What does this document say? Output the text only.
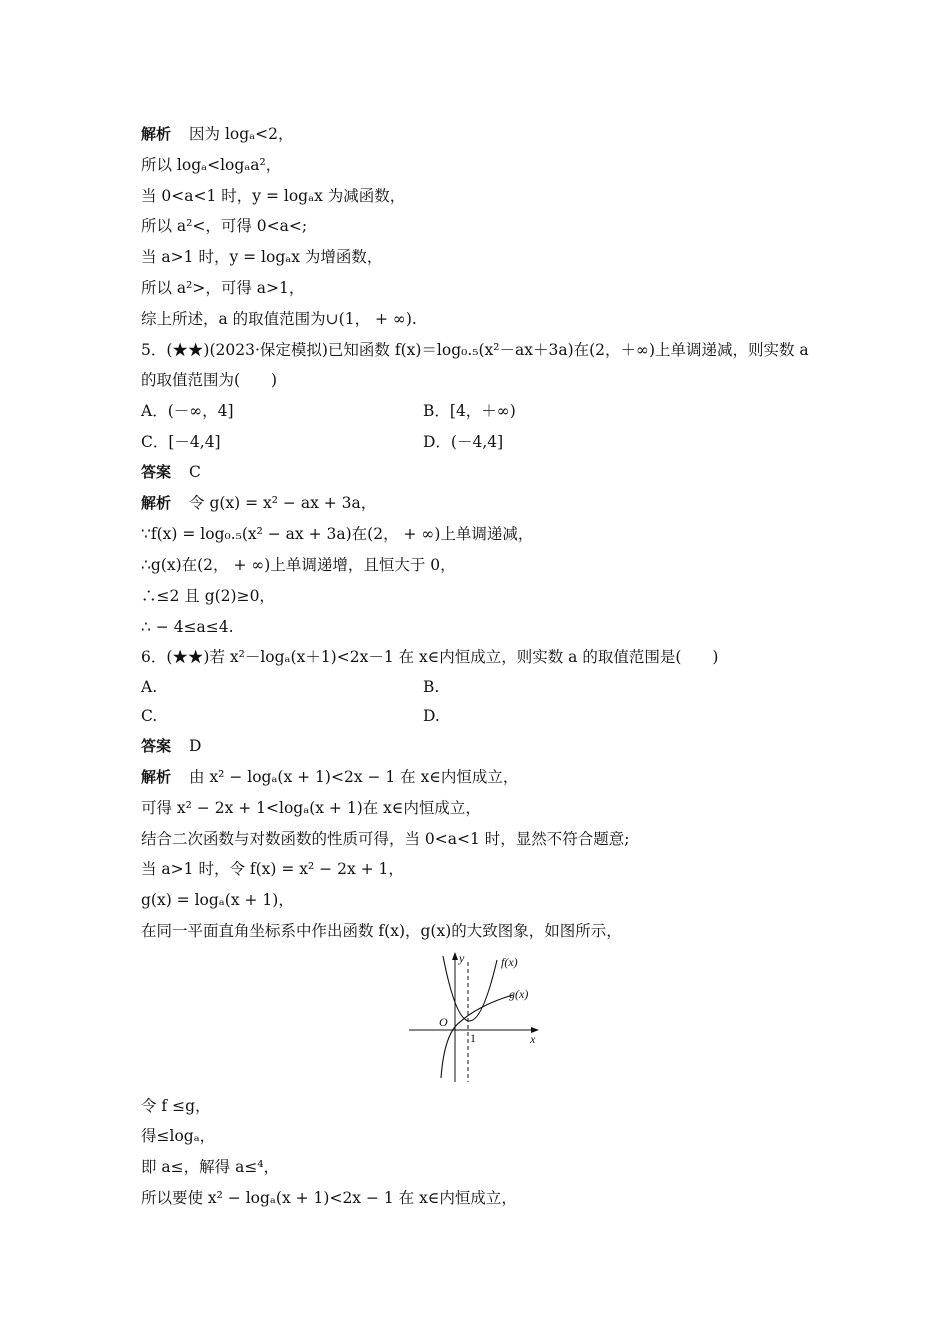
解析 因为 logₐ<2，
所以 logₐ<logₐa²，
当 0<a<1 时，y = logₐx 为减函数，
所以 a²<，可得 0<a<;
当 a>1 时，y = logₐx 为增函数，
所以 a²>，可得 a>1，
综上所述，a 的取值范围为∪(1， + ∞).
5．(★★)(2023·保定模拟)已知函数 f(x)＝log₀.₅(x²－ax＋3a)在(2，＋∞)上单调递减，则实数 a
的取值范围为(　　)
A．(－∞，4]	B．[4，＋∞)
C．[－4,4]	D．(－4,4]
答案 C
解析 令 g(x) = x² − ax + 3a，
∵f(x) = log₀.₅(x² − ax + 3a)在(2， + ∞)上单调递减，
∴g(x)在(2， + ∞)上单调递增，且恒大于 0，
∴≤2 且 g(2)≥0，
∴ − 4≤a≤4.
6．(★★)若 x²－logₐ(x＋1)<2x－1 在 x∈内恒成立，则实数 a 的取值范围是(　　)
A.	B.
C.	D.
答案 D
解析 由 x² − logₐ(x + 1)<2x − 1 在 x∈内恒成立，
可得 x² − 2x + 1<logₐ(x + 1)在 x∈内恒成立，
结合二次函数与对数函数的性质可得，当 0<a<1 时，显然不符合题意;
当 a>1 时，令 f(x) = x² − 2x + 1，
g(x) = logₐ(x + 1)，
在同一平面直角坐标系中作出函数 f(x)，g(x)的大致图象，如图所示，
y
x
O
1
f(x)
g(x)
令 f ≤g，
得≤logₐ，
即 a≤，解得 a≤⁴，
所以要使 x² − logₐ(x + 1)<2x − 1 在 x∈内恒成立，
